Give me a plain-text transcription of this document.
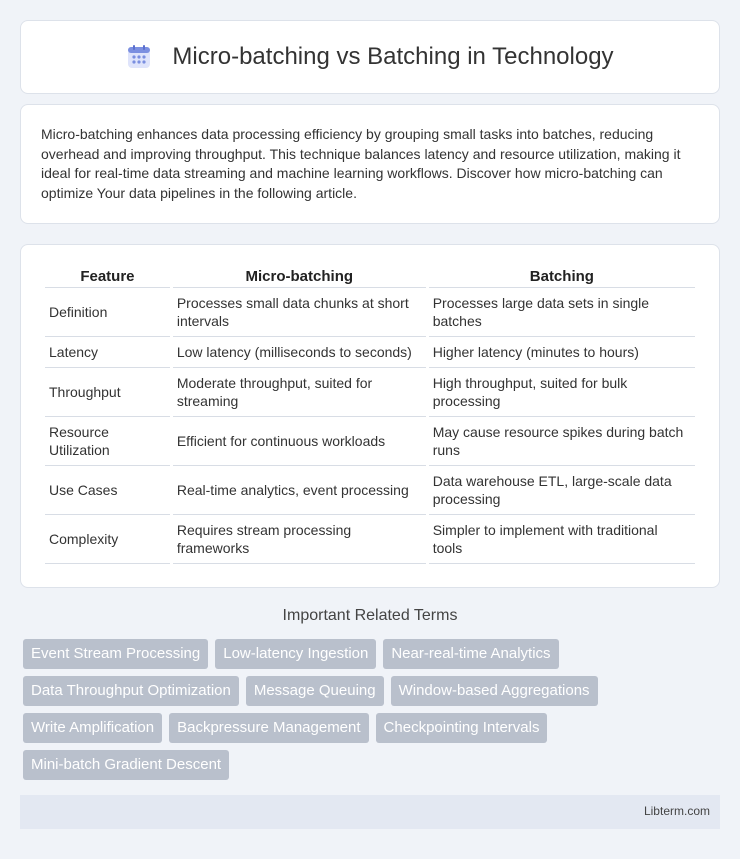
Micro-batching vs Batching in Technology

Micro-batching enhances data processing efficiency by grouping small tasks into batches, reducing overhead and improving throughput. This technique balances latency and resource utilization, making it ideal for real-time data streaming and machine learning workflows. Discover how micro-batching can optimize Your data pipelines in the following article.

Feature	Micro-batching	Batching
Definition	Processes small data chunks at short intervals	Processes large data sets in single batches
Latency	Low latency (milliseconds to seconds)	Higher latency (minutes to hours)
Throughput	Moderate throughput, suited for streaming	High throughput, suited for bulk processing
Resource Utilization	Efficient for continuous workloads	May cause resource spikes during batch runs
Use Cases	Real-time analytics, event processing	Data warehouse ETL, large-scale data processing
Complexity	Requires stream processing frameworks	Simpler to implement with traditional tools
Important Related Terms
Event Stream Processing	Low-latency Ingestion	Near-real-time Analytics
Data Throughput Optimization	Message Queuing	Window-based Aggregations
Write Amplification	Backpressure Management	Checkpointing Intervals
Mini-batch Gradient Descent
Libterm.com
